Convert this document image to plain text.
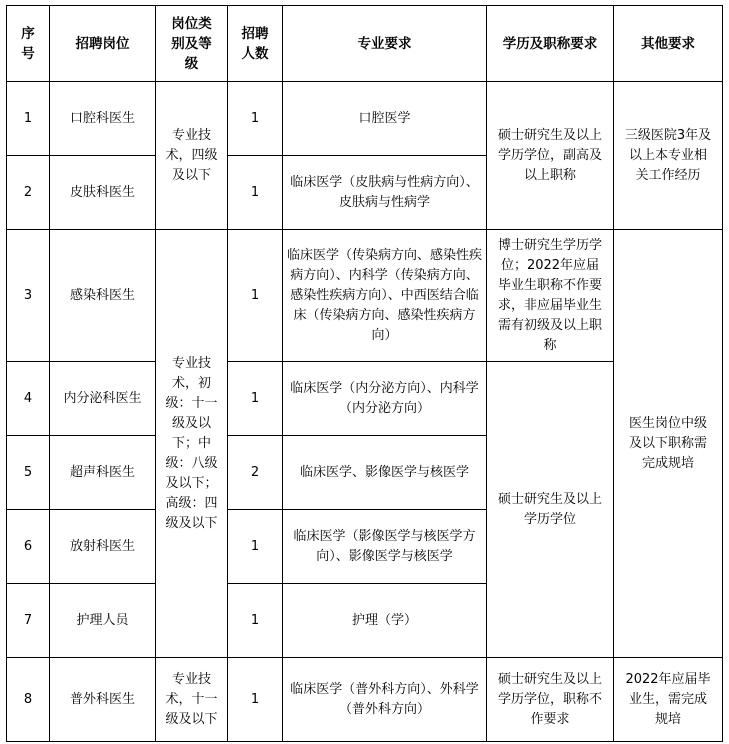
序号	招聘岗位	岗位类别及等级	招聘人数	专业要求	学历及职称要求	其他要求
1	口腔科医生	专业技术，四级及以下	1	口腔医学	硕士研究生及以上学历学位，副高及以上职称	三级医院3年及以上本专业相关工作经历
2	皮肤科医生		1	临床医学（皮肤病与性病方向）、皮肤病与性病学		
3	感染科医生	专业技术，初级：十一级及以下；中级：八级及以下；高级：四级及以下	1	临床医学（传染病方向、感染性疾病方向）、内科学（传染病方向、感染性疾病方向）、中西医结合临床（传染病方向、感染性疾病方向）	博士研究生学历学位；2022年应届毕业生职称不作要求，非应届毕业生需有初级及以上职称	医生岗位中级及以下职称需完成规培
4	内分泌科医生		1	临床医学（内分泌方向）、内科学（内分泌方向）	硕士研究生及以上学历学位	
5	超声科医生		2	临床医学、影像医学与核医学		
6	放射科医生		1	临床医学（影像医学与核医学方向）、影像医学与核医学		
7	护理人员		1	护理（学）		
8	普外科医生	专业技术，十一级及以下	1	临床医学（普外科方向）、外科学（普外科方向）	硕士研究生及以上学历学位，职称不作要求	2022年应届毕业生，需完成规培
